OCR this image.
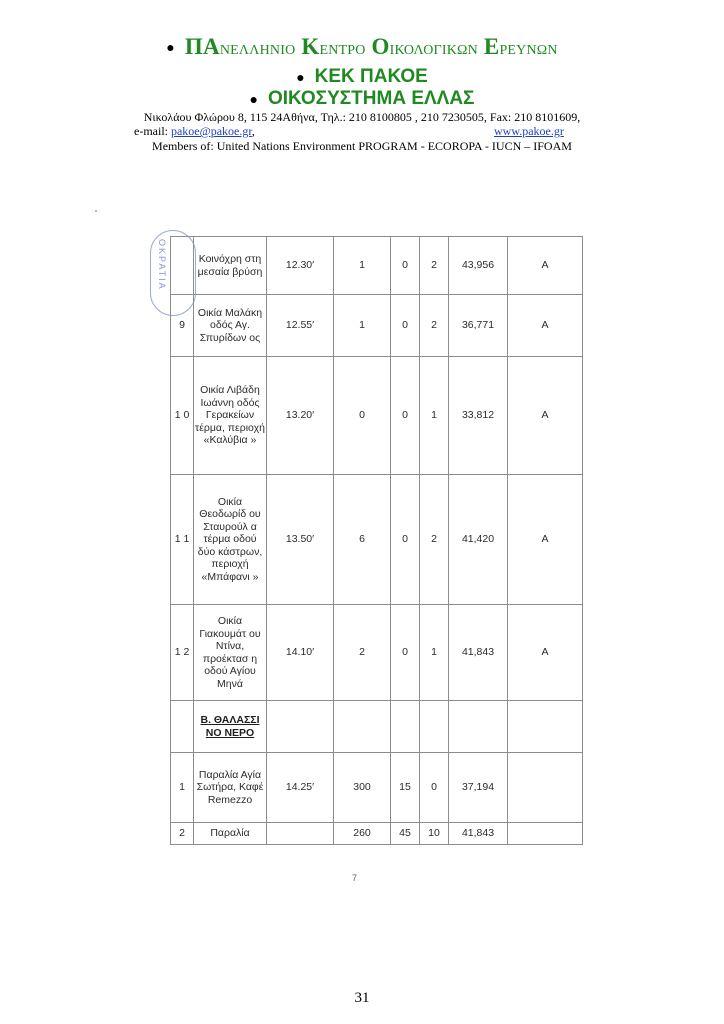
● ΠΑΝΕΛΛΗΝΙΟ ΚΕΝΤΡΟ ΟΙΚΟΛΟΓΙΚΩΝ ΕΡΕΥΝΩΝ
● ΚΕΚ ΠΑΚΟΕ
● ΟΙΚΟΣΥΣΤΗΜΑ ΕΛΛΑΣ
Νικολάου Φλώρου 8, 115 24Αθήνα, Τηλ.: 210 8100805 , 210 7230505, Fax: 210 8101609,
e-mail: pakoe@pakoe.gr,	www.pakoe.gr
Members of: United Nations Environment PROGRAM - ECOROPA - IUCN – IFOAM
ΟΚΡΑΤΙΑ
		Κοινόχρη στη μεσαία βρύση	12.30′	1	0	2	43,956	A
9	Οικία Μαλάκη οδός Αγ. Σπυρίδων ος	12.55′	1	0	2	36,771	A
1 0	Οικία Λιβάδη Ιωάννη οδός Γερακείων τέρμα, περιοχή «Καλύβια »	13.20′	0	0	1	33,812	A
1 1	Οικία Θεοδωρίδ ου Σταυρούλ α τέρμα οδού δύο κάστρων, περιοχή «Μπάφανι »	13.50′	6	0	2	41,420	A
1 2	Οικία Γιακουμάτ ου Ντίνα, προέκτασ η οδού Αγίου Μηνά	14.10′	2	0	1	41,843	A
	Β. ΘΑΛΑΣΣΙ ΝΟ ΝΕΡΟ						
1	Παραλία Αγία Σωτήρα, Καφέ Remezzo	14.25′	300	15	0	37,194	
2	Παραλία		260	45	10	41,843	
7
31
